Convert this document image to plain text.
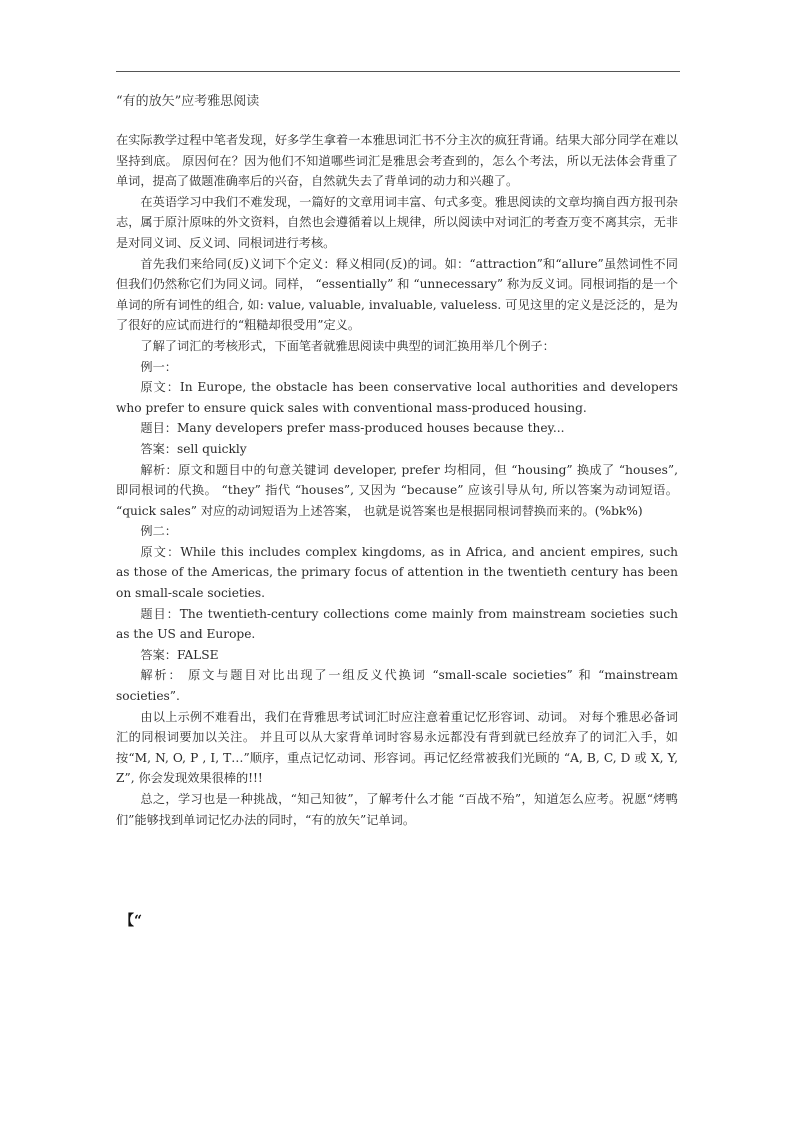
“有的放矢”应考雅思阅读

在实际教学过程中笔者发现，好多学生拿着一本雅思词汇书不分主次的疯狂背诵。结果大部分同学在难以坚持到底。 原因何在？因为他们不知道哪些词汇是雅思会考查到的，怎么个考法，所以无法体会背重了单词，提高了做题准确率后的兴奋，自然就失去了背单词的动力和兴趣了。

在英语学习中我们不难发现，一篇好的文章用词丰富、句式多变。雅思阅读的文章均摘自西方报刊杂志，属于原汁原味的外文资料，自然也会遵循着以上规律，所以阅读中对词汇的考查万变不离其宗，无非是对同义词、反义词、同根词进行考核。

首先我们来给同(反)义词下个定义：释义相同(反)的词。如：“attraction”和“allure”虽然词性不同但我们仍然称它们为同义词。同样， “essentially” 和 “unnecessary” 称为反义词。同根词指的是一个单词的所有词性的组合, 如: value, valuable, invaluable, valueless. 可见这里的定义是泛泛的，是为了很好的应试而进行的“粗糙却很受用”定义。

了解了词汇的考核形式，下面笔者就雅思阅读中典型的词汇换用举几个例子：

例一：

原文：In Europe, the obstacle has been conservative local authorities and developers who prefer to ensure quick sales with conventional mass-produced housing.

题目：Many developers prefer mass-produced houses because they...

答案：sell quickly

解析：原文和题目中的句意关键词 developer, prefer 均相同，但 “housing” 换成了 “houses”, 即同根词的代换。 “they” 指代 “houses”, 又因为 “because” 应该引导从句, 所以答案为动词短语。 “quick sales” 对应的动词短语为上述答案， 也就是说答案也是根据同根词替换而来的。(%bk%)

例二：

原文：While this includes complex kingdoms, as in Africa, and ancient empires, such as those of the Americas, the primary focus of attention in the twentieth century has been on small-scale societies.

题目：The twentieth-century collections come mainly from mainstream societies such as the US and Europe.

答案：FALSE

解析： 原文与题目对比出现了一组反义代换词 “small-scale societies” 和 “mainstream societies”.

由以上示例不难看出，我们在背雅思考试词汇时应注意着重记忆形容词、动词。 对每个雅思必备词汇的同根词要加以关注。 并且可以从大家背单词时容易永远都没有背到就已经放弃了的词汇入手，如按“M, N, O, P , I, T…”顺序，重点记忆动词、形容词。再记忆经常被我们光顾的 “A, B, C, D 或 X, Y, Z”, 你会发现效果很棒的!!!

总之，学习也是一种挑战，“知己知彼”，了解考什么才能 “百战不殆”，知道怎么应考。祝愿“烤鸭们”能够找到单词记忆办法的同时，“有的放矢”记单词。

【“
